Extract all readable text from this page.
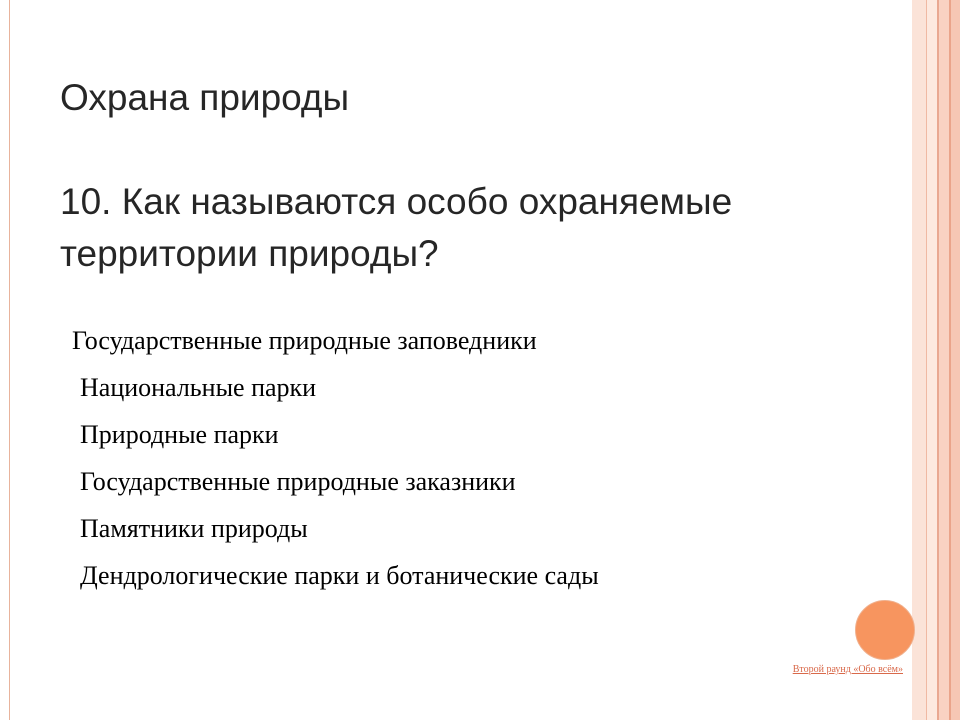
Охрана природы
10. Как называются особо охраняемые
территории природы?
Государственные природные заповедники
Национальные парки
Природные парки
Государственные природные заказники
Памятники природы
Дендрологические парки и ботанические сады
Второй раунд «Обо всём»
